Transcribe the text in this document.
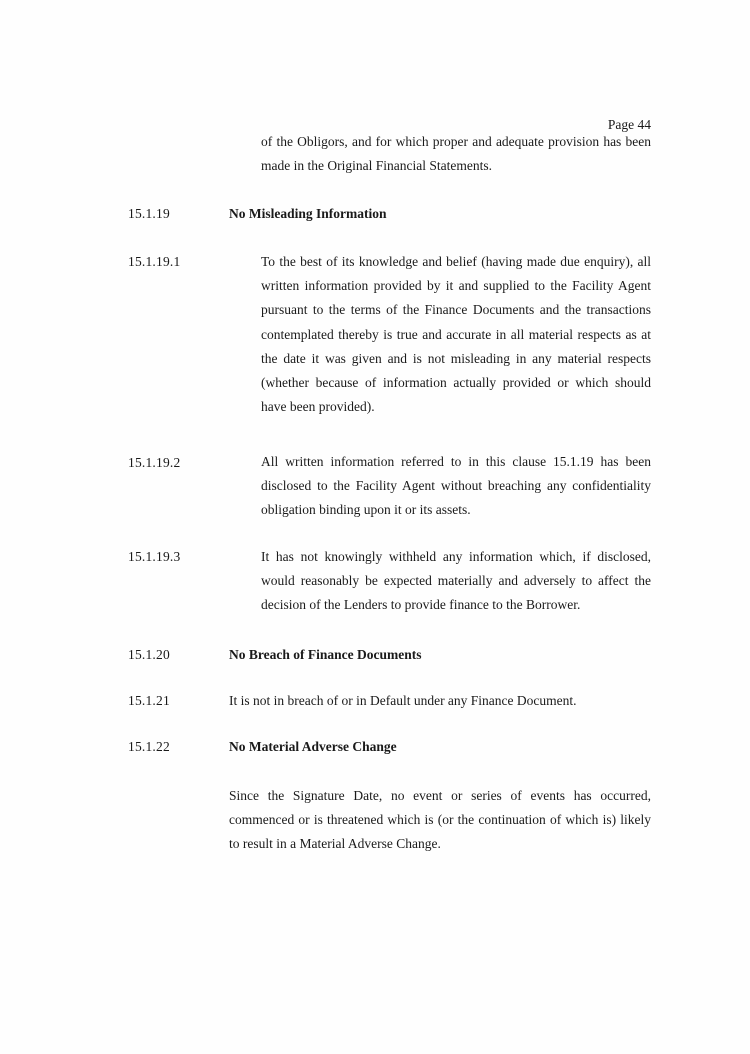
Page 44

of the Obligors, and for which proper and adequate provision has been made in the Original Financial Statements.

15.1.19	No Misleading Information
15.1.19.1	To the best of its knowledge and belief (having made due enquiry), all written information provided by it and supplied to the Facility Agent pursuant to the terms of the Finance Documents and the transactions contemplated thereby is true and accurate in all material respects as at the date it was given and is not misleading in any material respects (whether because of information actually provided or which should have been provided).

15.1.19.2	All written information referred to in this clause 15.1.19 has been disclosed to the Facility Agent without breaching any confidentiality obligation binding upon it or its assets.

15.1.19.3	It has not knowingly withheld any information which, if disclosed, would reasonably be expected materially and adversely to affect the decision of the Lenders to provide finance to the Borrower.

15.1.20	No Breach of Finance Documents
15.1.21	It is not in breach of or in Default under any Finance Document.
15.1.22	No Material Adverse Change

Since the Signature Date, no event or series of events has occurred, commenced or is threatened which is (or the continuation of which is) likely to result in a Material Adverse Change.
